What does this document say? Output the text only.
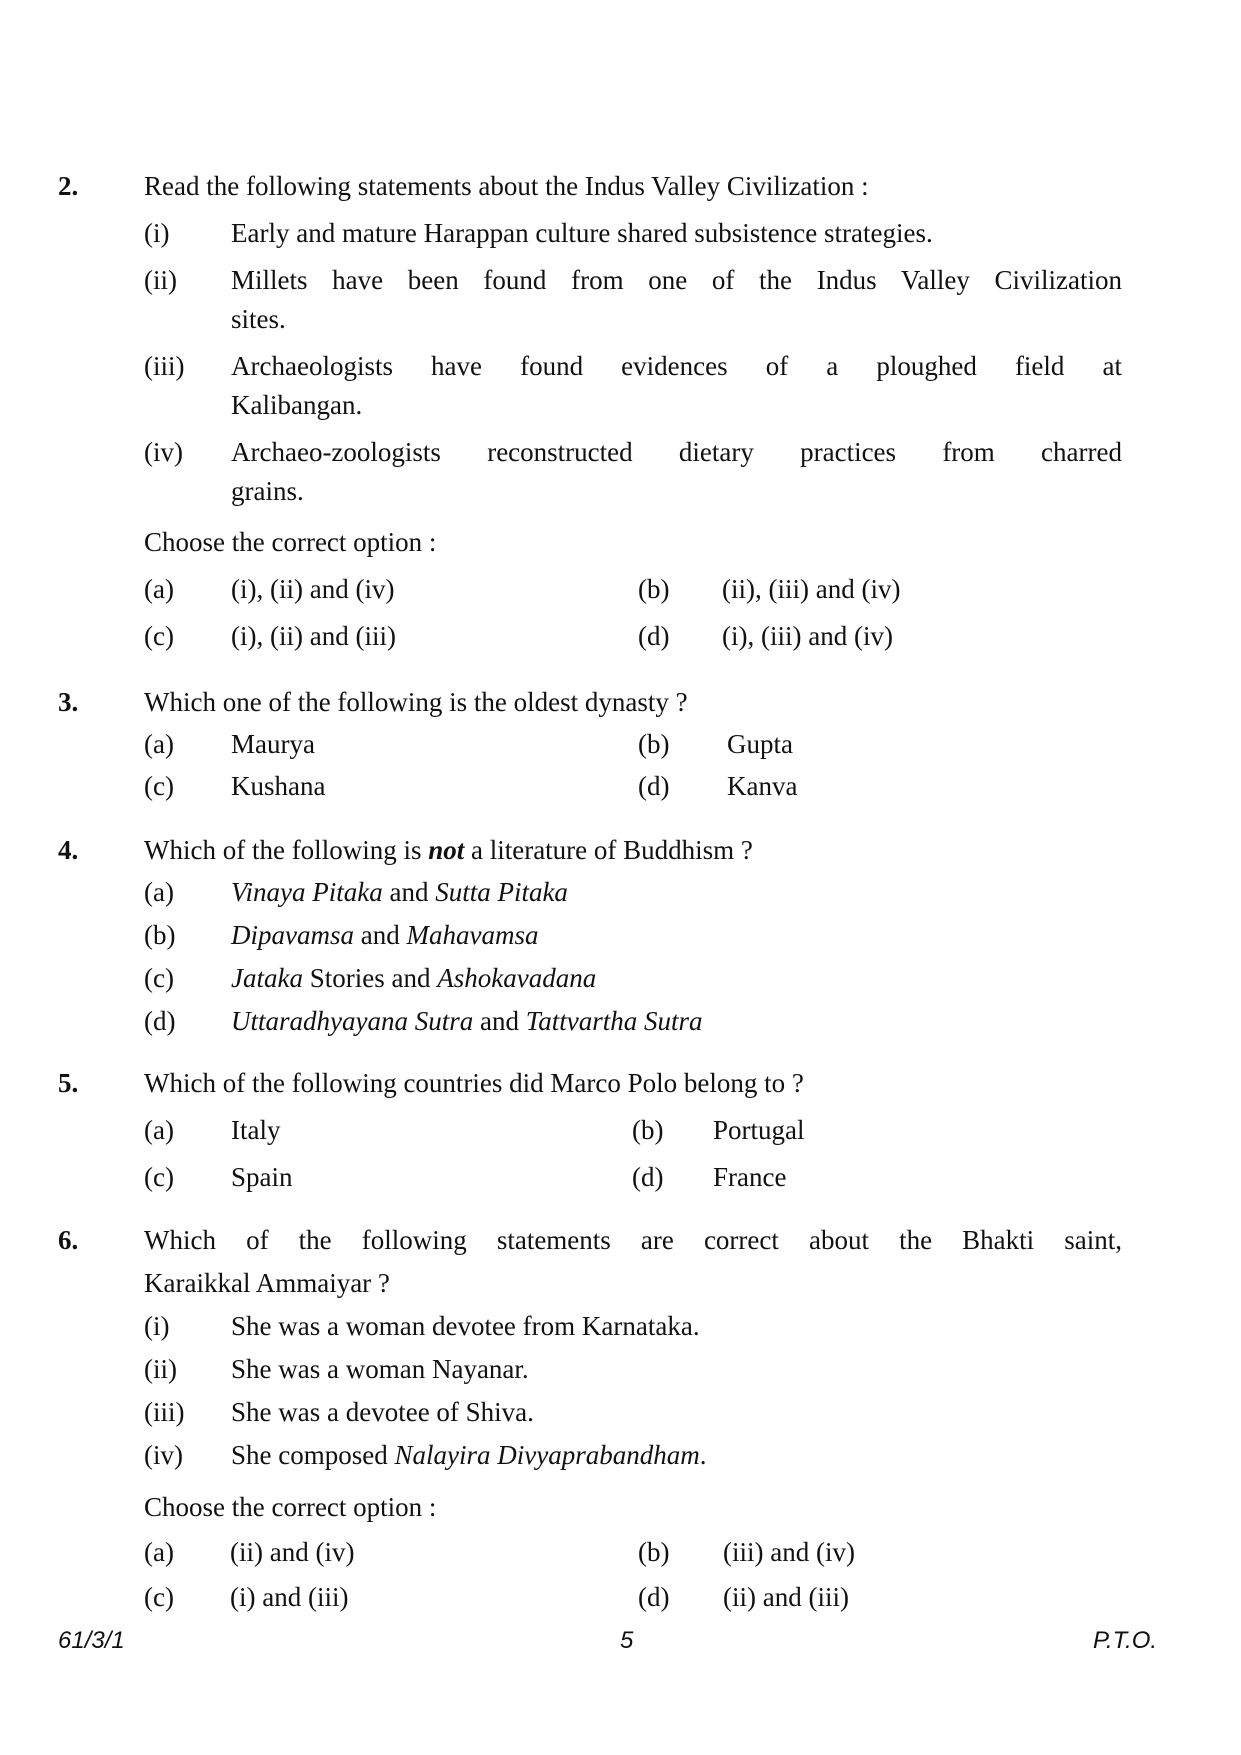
2. Read the following statements about the Indus Valley Civilization :
(i) Early and mature Harappan culture shared subsistence strategies.
(ii) Millets have been found from one of the Indus Valley Civilization
sites.
(iii) Archaeologists have found evidences of a ploughed field at
Kalibangan.
(iv) Archaeo-zoologists reconstructed dietary practices from charred
grains.
Choose the correct option :
(a) (i), (ii) and (iv)	(b) (ii), (iii) and (iv)
(c) (i), (ii) and (iii)	(d) (i), (iii) and (iv)
3. Which one of the following is the oldest dynasty ?
(a) Maurya	(b) Gupta
(c) Kushana	(d) Kanva
4. Which of the following is not a literature of Buddhism ?
(a) Vinaya Pitaka and Sutta Pitaka
(b) Dipavamsa and Mahavamsa
(c) Jataka Stories and Ashokavadana
(d) Uttaradhyayana Sutra and Tattvartha Sutra
5. Which of the following countries did Marco Polo belong to ?
(a) Italy	(b) Portugal
(c) Spain	(d) France
6. Which of the following statements are correct about the Bhakti saint,
Karaikkal Ammaiyar ?
(i) She was a woman devotee from Karnataka.
(ii) She was a woman Nayanar.
(iii) She was a devotee of Shiva.
(iv) She composed Nalayira Divyaprabandham.
Choose the correct option :
(a) (ii) and (iv)	(b) (iii) and (iv)
(c) (i) and (iii)	(d) (ii) and (iii)
61/3/1	5	P.T.O.
